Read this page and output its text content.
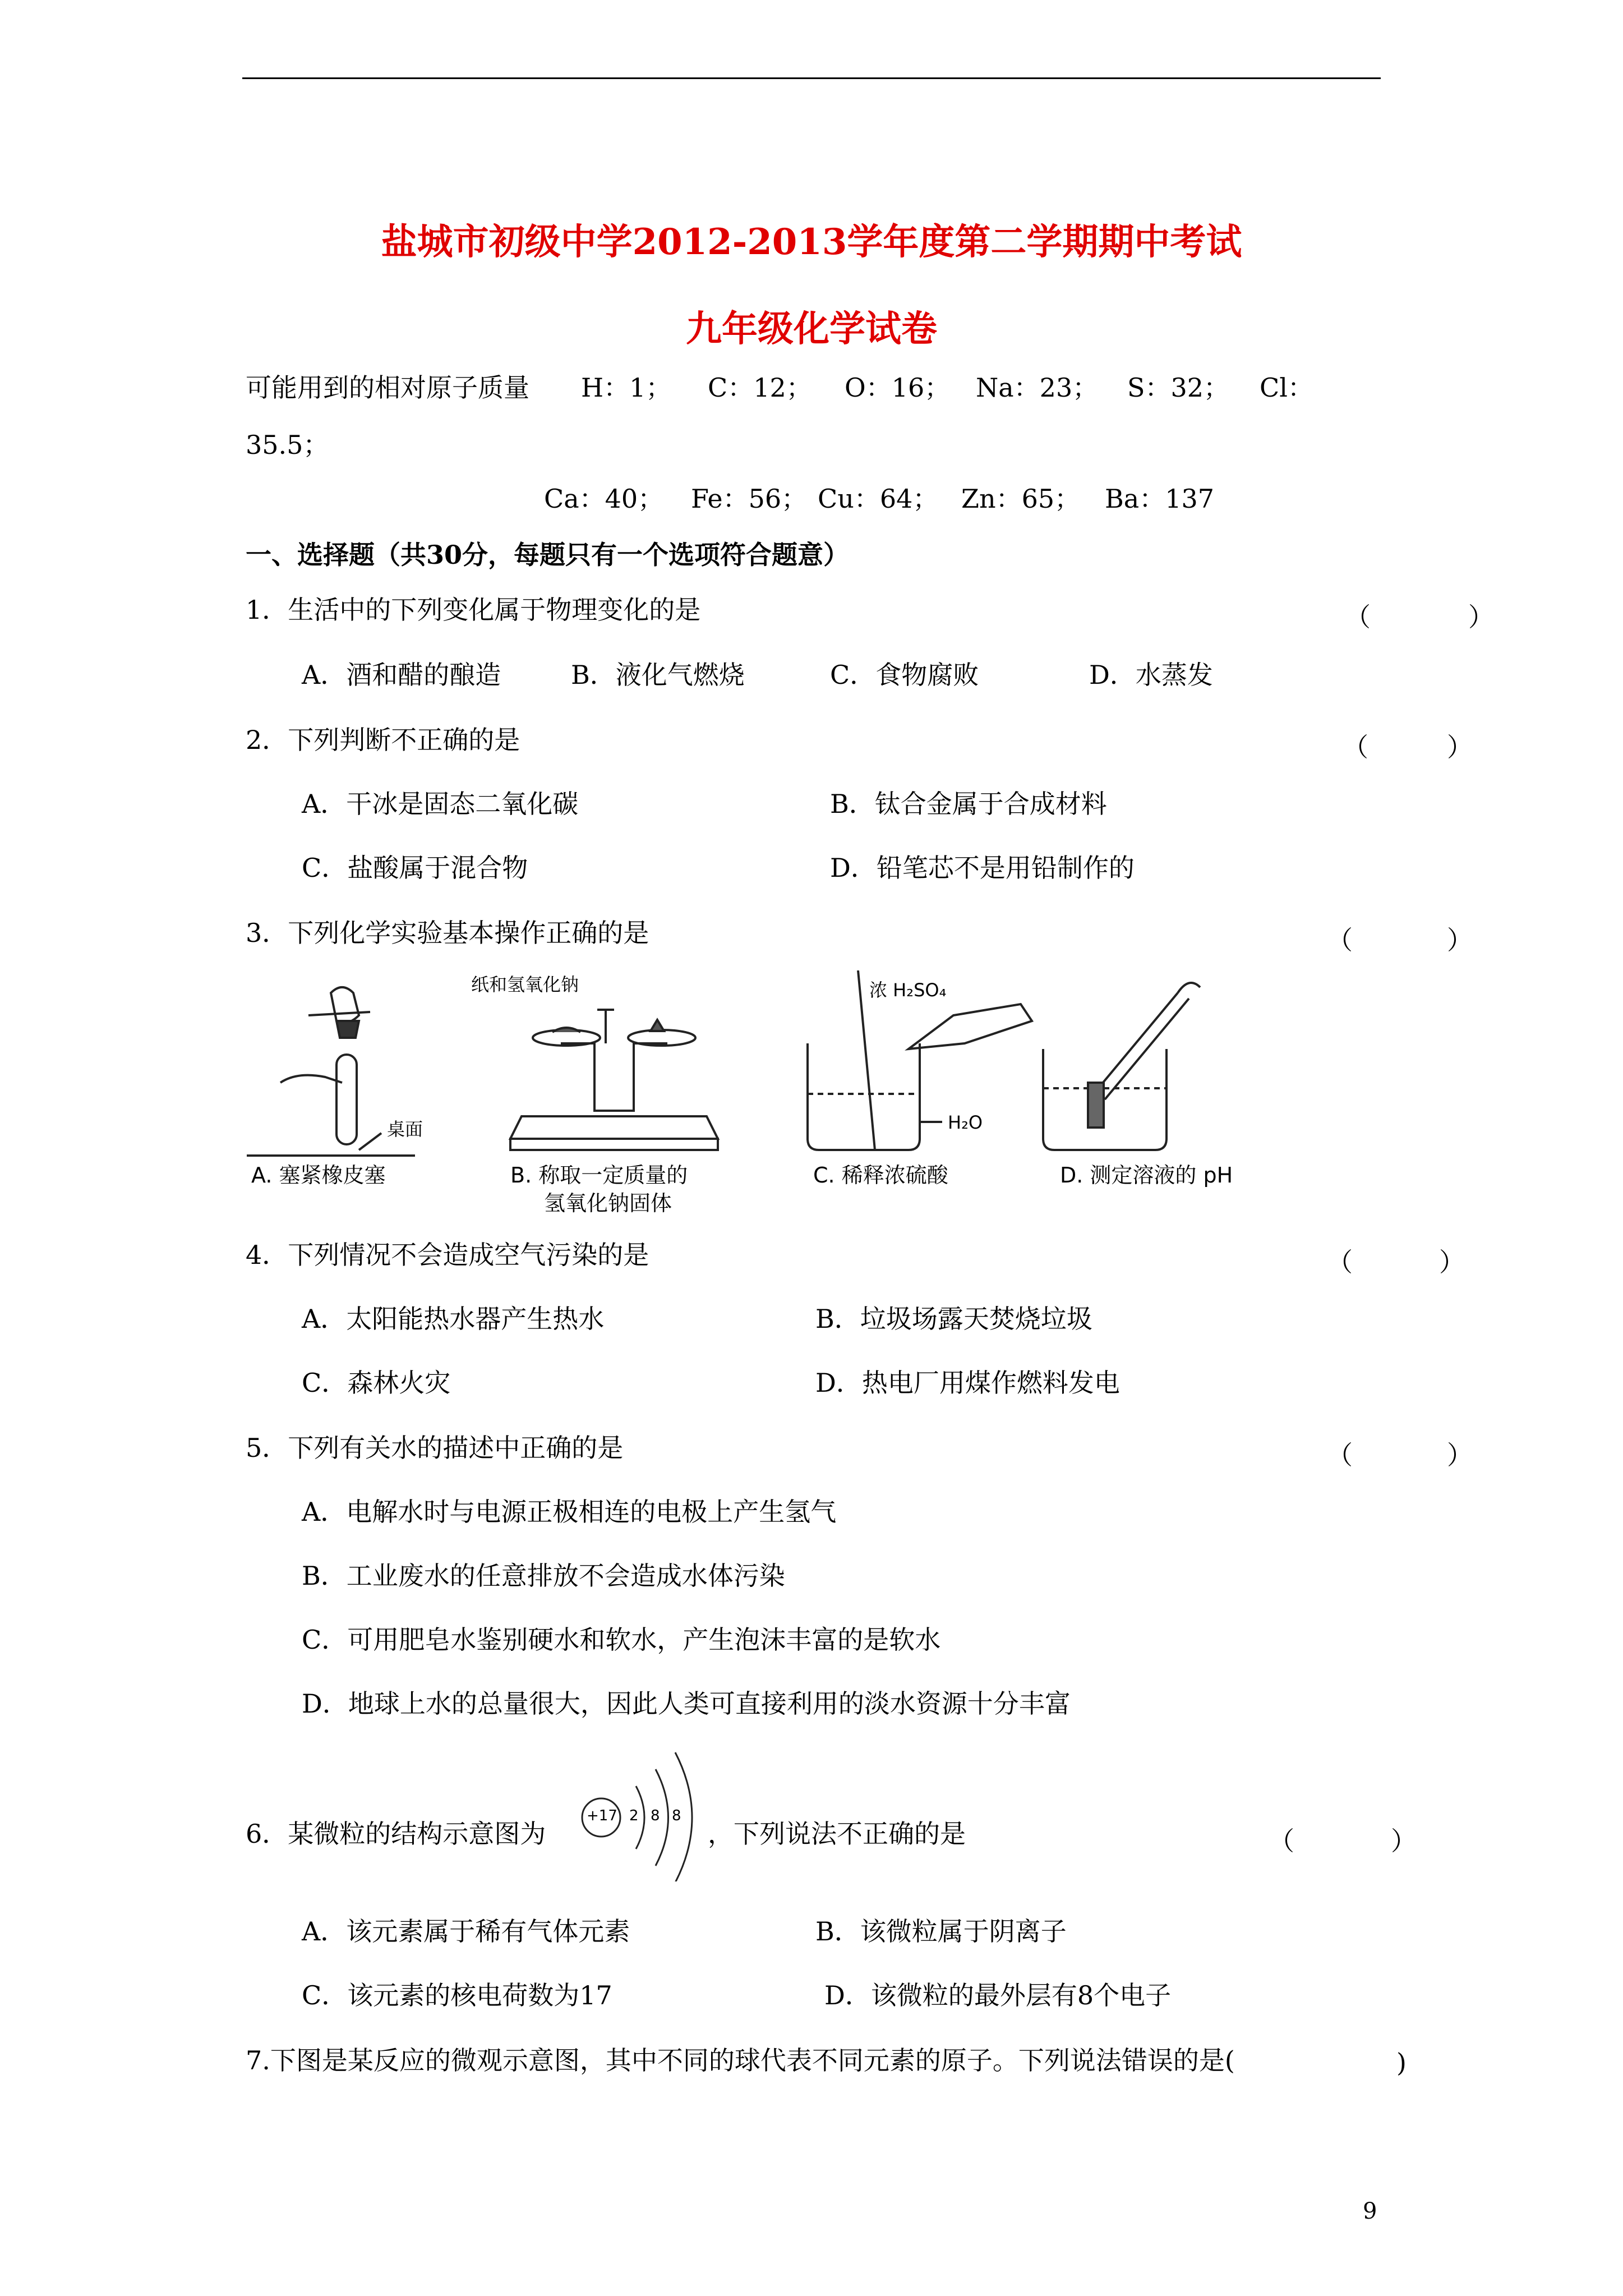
盐城市初级中学2012-2013学年度第二学期期中考试
九年级化学试卷
可能用到的相对原子质量 H：1； C：12； O：16； Na：23； S：32； Cl：
35.5；
Ca：40； Fe：56； Cu：64； Zn：65； Ba：137
一、选择题（共30分，每题只有一个选项符合题意）
1．生活中的下列变化属于物理变化的是	（	）
A．酒和醋的酿造	B．液化气燃烧	C．食物腐败	D．水蒸发
2．下列判断不正确的是	（	）
A．干冰是固态二氧化碳	B．钛合金属于合成材料
C．盐酸属于混合物	D．铅笔芯不是用铅制作的
3．下列化学实验基本操作正确的是	（	）
A. 塞紧橡皮塞
桌面
纸和氢氧化钠
B. 称取一定质量的
氢氧化钠固体
浓 H₂SO₄
H₂O
C. 稀释浓硫酸	D. 测定溶液的 pH
4．下列情况不会造成空气污染的是	（	）
A．太阳能热水器产生热水	B．垃圾场露天焚烧垃圾
C．森林火灾	D．热电厂用煤作燃料发电
5．下列有关水的描述中正确的是	（	）
A．电解水时与电源正极相连的电极上产生氢气
B．工业废水的任意排放不会造成水体污染
C．可用肥皂水鉴别硬水和软水，产生泡沫丰富的是软水
D．地球上水的总量很大，因此人类可直接利用的淡水资源十分丰富
6．某微粒的结构示意图为
+17 2 8 8
，下列说法不正确的是	（	）
A．该元素属于稀有气体元素	B．该微粒属于阴离子
C．该元素的核电荷数为17	D．该微粒的最外层有8个电子
7.下图是某反应的微观示意图，其中不同的球代表不同元素的原子。下列说法错误的是(	)
9
